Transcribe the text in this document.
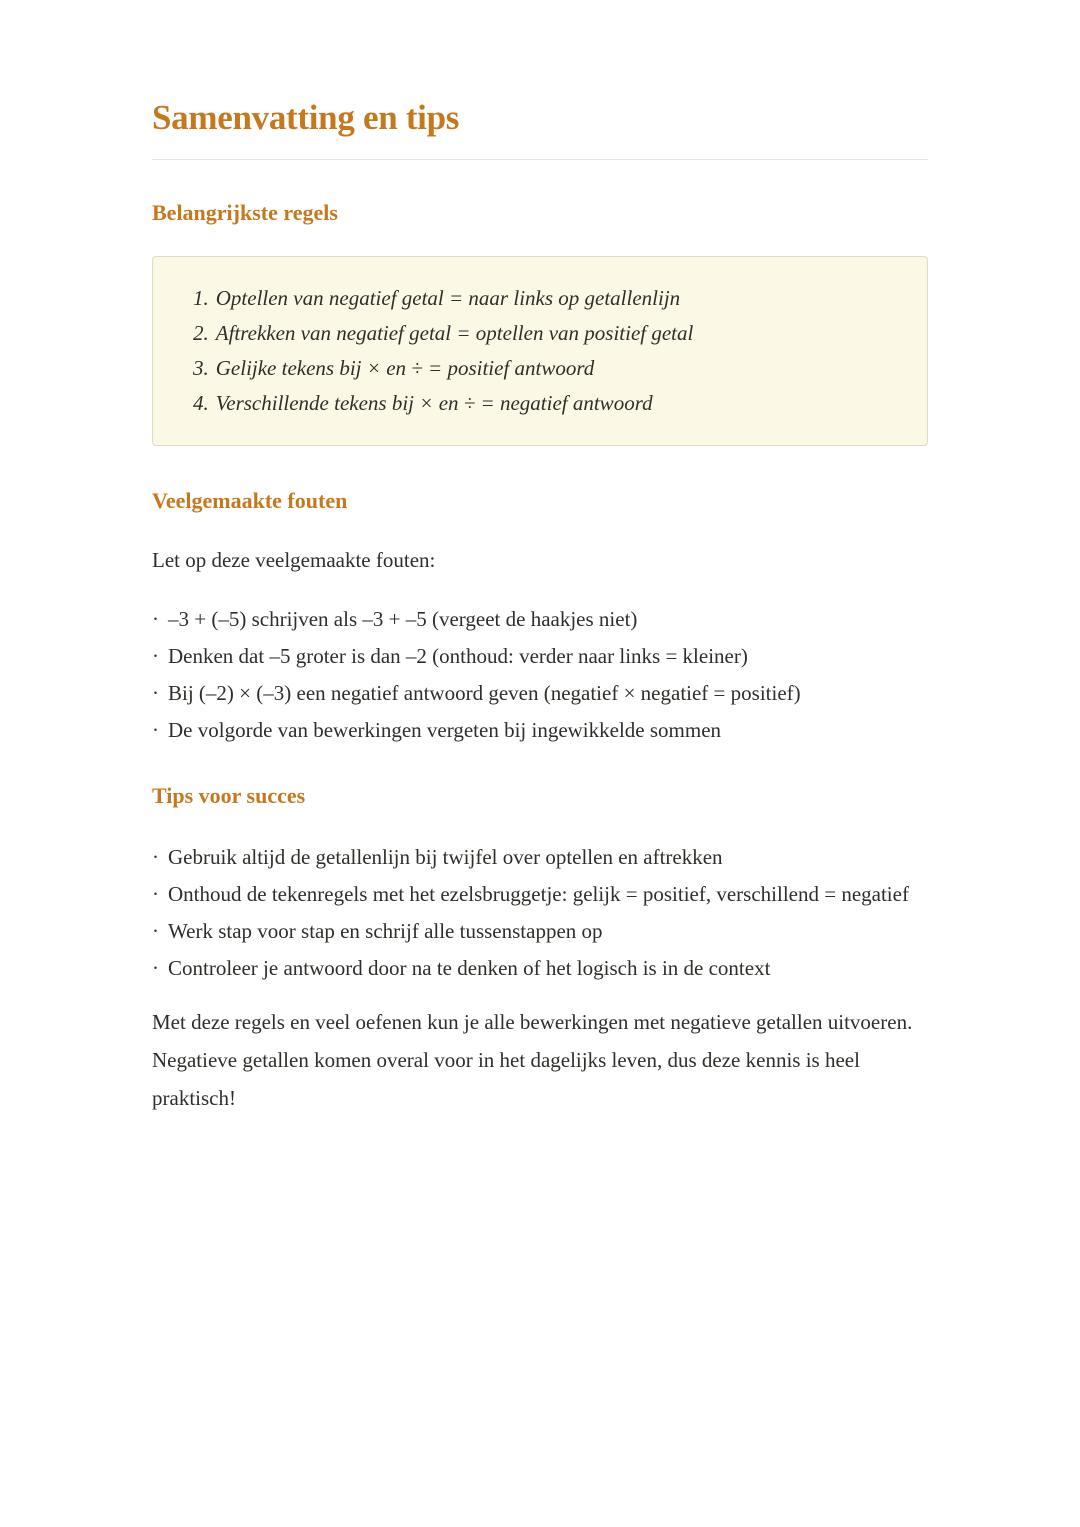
Samenvatting en tips
Belangrijkste regels
1. Optellen van negatief getal = naar links op getallenlijn
2. Aftrekken van negatief getal = optellen van positief getal
3. Gelijke tekens bij × en ÷ = positief antwoord
4. Verschillende tekens bij × en ÷ = negatief antwoord
Veelgemaakte fouten

Let op deze veelgemaakte fouten:

· –3 + (–5) schrijven als –3 + –5 (vergeet de haakjes niet)

· Denken dat –5 groter is dan –2 (onthoud: verder naar links = kleiner)

· Bij (–2) × (–3) een negatief antwoord geven (negatief × negatief = positief)

· De volgorde van bewerkingen vergeten bij ingewikkelde sommen

Tips voor succes

· Gebruik altijd de getallenlijn bij twijfel over optellen en aftrekken

· Onthoud de tekenregels met het ezelsbruggetje: gelijk = positief, verschillend = negatief

· Werk stap voor stap en schrijf alle tussenstappen op

· Controleer je antwoord door na te denken of het logisch is in de context

Met deze regels en veel oefenen kun je alle bewerkingen met negatieve getallen uitvoeren. Negatieve getallen komen overal voor in het dagelijks leven, dus deze kennis is heel praktisch!
